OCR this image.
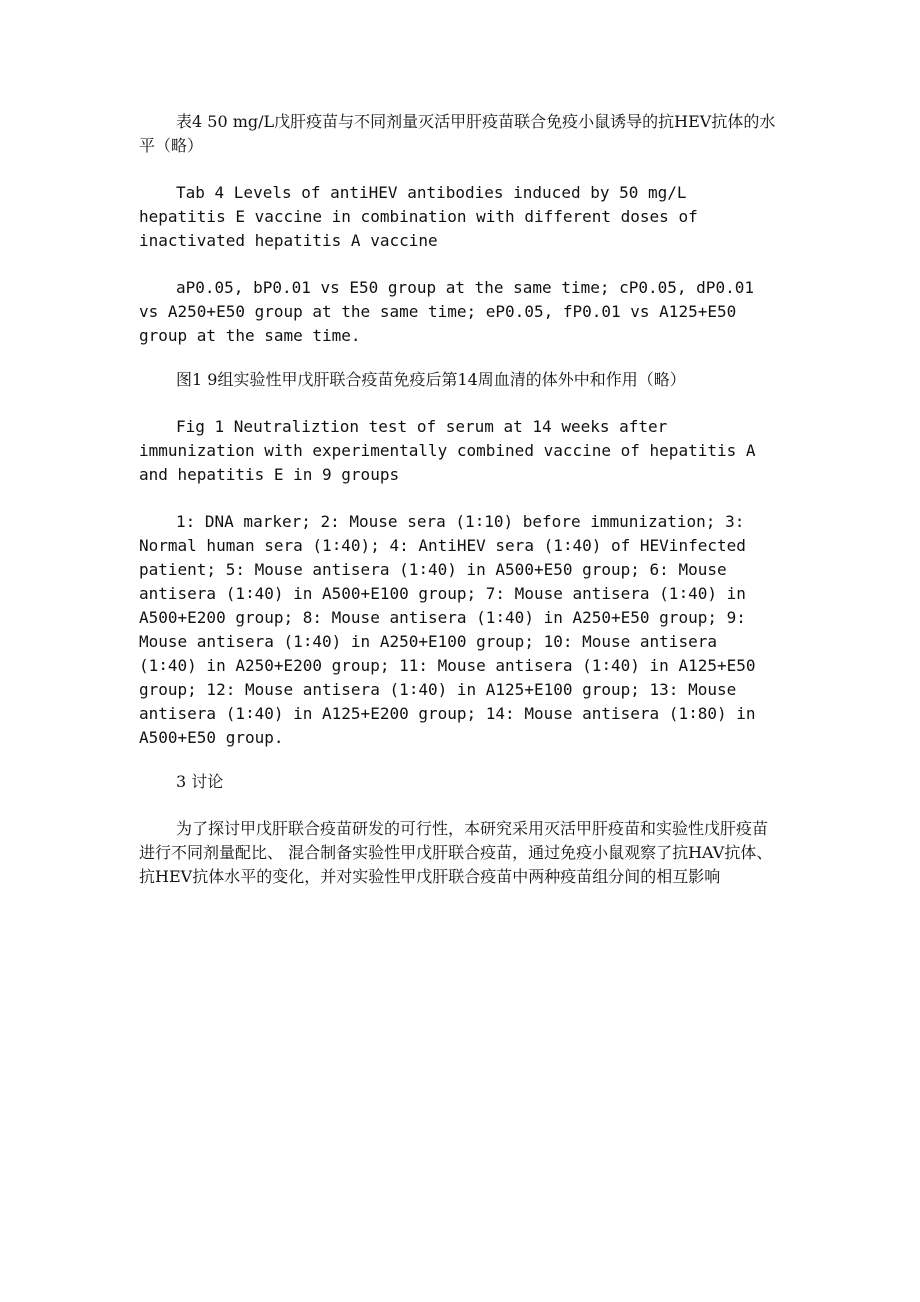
表4 50 mg/L戊肝疫苗与不同剂量灭活甲肝疫苗联合免疫小鼠诱导的抗HEV抗体的水平（略）

Tab 4 Levels of antiHEV antibodies induced by 50 mg/L hepatitis E vaccine in combination with different doses of inactivated hepatitis A vaccine

aP0.05, bP0.01 vs E50 group at the same time; cP0.05, dP0.01 vs A250+E50 group at the same time; eP0.05, fP0.01 vs A125+E50 group at the same time.

图1 9组实验性甲戊肝联合疫苗免疫后第14周血清的体外中和作用（略）

Fig 1 Neutraliztion test of serum at 14 weeks after immunization with experimentally combined vaccine of hepatitis A and hepatitis E in 9 groups

1: DNA marker; 2: Mouse sera (1∶10) before immunization; 3: Normal human sera (1∶40); 4: AntiHEV sera (1∶40) of HEVinfected patient; 5: Mouse antisera (1∶40) in A500+E50 group; 6: Mouse antisera (1∶40) in A500+E100 group; 7: Mouse antisera (1∶40) in A500+E200 group; 8: Mouse antisera (1∶40) in A250+E50 group; 9: Mouse antisera (1∶40) in A250+E100 group; 10: Mouse antisera (1∶40) in A250+E200 group; 11: Mouse antisera (1∶40) in A125+E50 group; 12: Mouse antisera (1∶40) in A125+E100 group; 13: Mouse antisera (1∶40) in A125+E200 group; 14: Mouse antisera (1∶80) in A500+E50 group.

3 讨论

为了探讨甲戊肝联合疫苗研发的可行性，本研究采用灭活甲肝疫苗和实验性戊肝疫苗进行不同剂量配比、 混合制备实验性甲戊肝联合疫苗，通过免疫小鼠观察了抗HAV抗体、 抗HEV抗体水平的变化，并对实验性甲戊肝联合疫苗中两种疫苗组分间的相互影响
